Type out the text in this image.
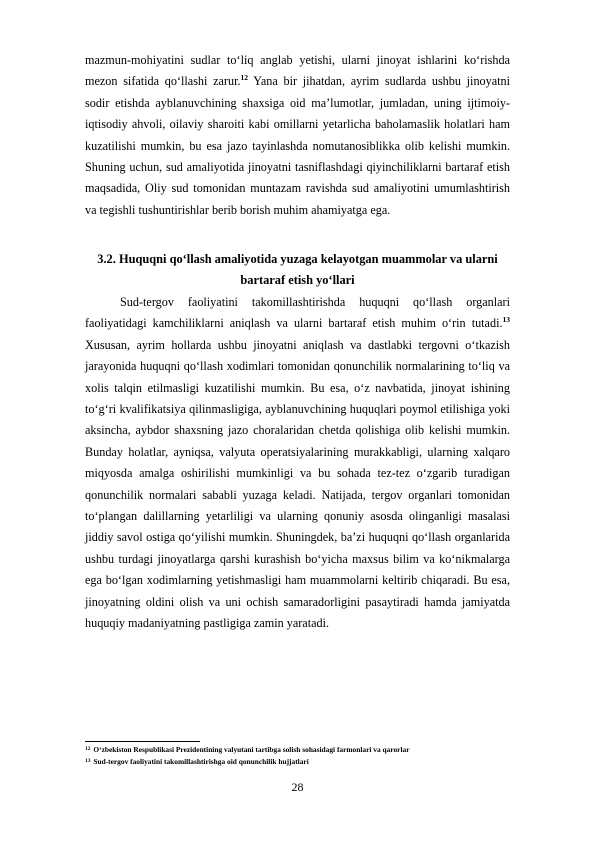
mazmun-mohiyatini sudlar to‘liq anglab yetishi, ularni jinoyat ishlarini ko‘rishda mezon sifatida qo‘llashi zarur.$^{12}$ Yana bir jihatdan, ayrim sudlarda ushbu jinoyatni sodir etishda ayblanuvchining shaxsiga oid ma’lumotlar, jumladan, uning ijtimoiy-iqtisodiy ahvoli, oilaviy sharoiti kabi omillarni yetarlicha baholamaslik holatlari ham kuzatilishi mumkin, bu esa jazo tayinlashda nomutanosiblikka olib kelishi mumkin. Shuning uchun, sud amaliyotida jinoyatni tasniflashdagi qiyinchiliklarni bartaraf etish maqsadida, Oliy sud tomonidan muntazam ravishda sud amaliyotini umumlashtirish va tegishli tushuntirishlar berib borish muhim ahamiyatga ega.

3.2. Huquqni qo‘llash amaliyotida yuzaga kelayotgan muammolar va ularni
bartaraf etish yo‘llari

Sud-tergov faoliyatini takomillashtirishda huquqni qo‘llash organlari faoliyatidagi kamchiliklarni aniqlash va ularni bartaraf etish muhim o‘rin tutadi.$^{13}$ Xususan, ayrim hollarda ushbu jinoyatni aniqlash va dastlabki tergovni o‘tkazish jarayonida huquqni qo‘llash xodimlari tomonidan qonunchilik normalarining to‘liq va xolis talqin etilmasligi kuzatilishi mumkin. Bu esa, o‘z navbatida, jinoyat ishining to‘g‘ri kvalifikatsiya qilinmasligiga, ayblanuvchining huquqlari poymol etilishiga yoki aksincha, aybdor shaxsning jazo choralaridan chetda qolishiga olib kelishi mumkin. Bunday holatlar, ayniqsa, valyuta operatsiyalarining murakkabligi, ularning xalqaro miqyosda amalga oshirilishi mumkinligi va bu sohada tez-tez o‘zgarib turadigan qonunchilik normalari sababli yuzaga keladi. Natijada, tergov organlari tomonidan to‘plangan dalillarning yetarliligi va ularning qonuniy asosda olinganligi masalasi jiddiy savol ostiga qo‘yilishi mumkin. Shuningdek, ba’zi huquqni qo‘llash organlarida ushbu turdagi jinoyatlarga qarshi kurashish bo‘yicha maxsus bilim va ko‘nikmalarga ega bo‘lgan xodimlarning yetishmasligi ham muammolarni keltirib chiqaradi. Bu esa, jinoyatning oldini olish va uni ochish samaradorligini pasaytiradi hamda jamiyatda huquqiy madaniyatning pastligiga zamin yaratadi.

$^{12}$ O‘zbekiston Respublikasi Prezidentining valyutani tartibga solish sohasidagi farmonlari va qarorlar
$^{13}$ Sud-tergov faoliyatini takomillashtirishga oid qonunchilik hujjatlari
28
